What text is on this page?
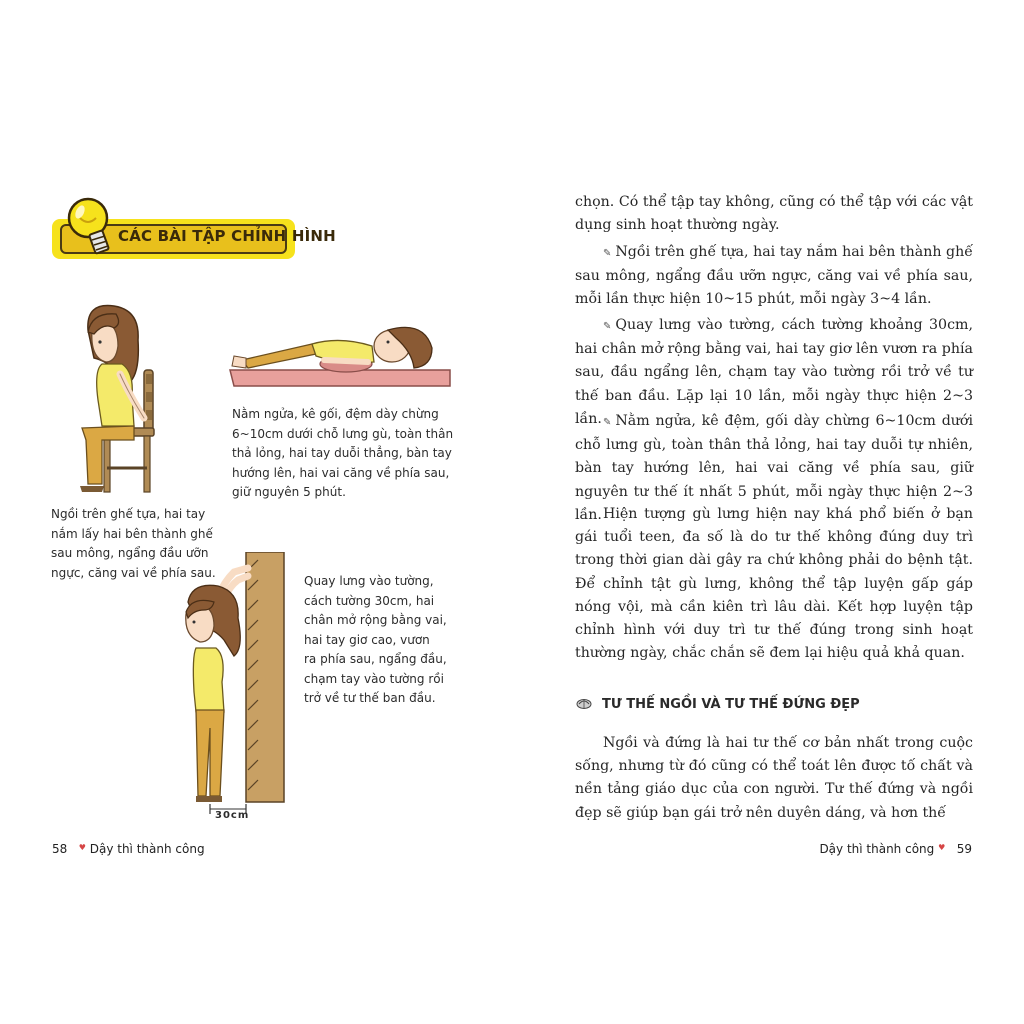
CÁC BÀI TẬP CHỈNH HÌNH
30cm
Ngồi trên ghế tựa, hai tay
nắm lấy hai bên thành ghế
sau mông, ngẩng đầu ưỡn
ngực, căng vai về phía sau.
Nằm ngửa, kê gối, đệm dày chừng
6~10cm dưới chỗ lưng gù, toàn thân
thả lỏng, hai tay duỗi thẳng, bàn tay
hướng lên, hai vai căng về phía sau,
giữ nguyên 5 phút.
Quay lưng vào tường,
cách tường 30cm, hai
chân mở rộng bằng vai,
hai tay giơ cao, vươn
ra phía sau, ngẩng đầu,
chạm tay vào tường rồi
trở về tư thế ban đầu.
58 ♥ Dậy thì thành công
chọn. Có thể tập tay không, cũng có thể tập với các vật dụng sinh hoạt thường ngày.
✎ Ngồi trên ghế tựa, hai tay nắm hai bên thành ghế sau mông, ngẩng đầu ưỡn ngực, căng vai về phía sau, mỗi lần thực hiện 10~15 phút, mỗi ngày 3~4 lần.
✎ Quay lưng vào tường, cách tường khoảng 30cm, hai chân mở rộng bằng vai, hai tay giơ lên vươn ra phía sau, đầu ngẩng lên, chạm tay vào tường rồi trở về tư thế ban đầu. Lặp lại 10 lần, mỗi ngày thực hiện 2~3 lần. ✎ Nằm ngửa, kê đệm, gối dày chừng 6~10cm dưới chỗ lưng gù, toàn thân thả lỏng, hai tay duỗi tự nhiên, bàn tay hướng lên, hai vai căng về phía sau, giữ nguyên tư thế ít nhất 5 phút, mỗi ngày thực hiện 2~3 lần. Hiện tượng gù lưng hiện nay khá phổ biến ở bạn gái tuổi teen, đa số là do tư thế không đúng duy trì trong thời gian dài gây ra chứ không phải do bệnh tật. Để chỉnh tật gù lưng, không thể tập luyện gấp gáp nóng vội, mà cần kiên trì lâu dài. Kết hợp luyện tập chỉnh hình với duy trì tư thế đúng trong sinh hoạt thường ngày, chắc chắn sẽ đem lại hiệu quả khả quan.
TƯ THẾ NGỒI VÀ TƯ THẾ ĐỨNG ĐẸP
Ngồi và đứng là hai tư thế cơ bản nhất trong cuộc sống, nhưng từ đó cũng có thể toát lên được tố chất và nền tảng giáo dục của con người. Tư thế đứng và ngồi đẹp sẽ giúp bạn gái trở nên duyên dáng, và hơn thế
Dậy thì thành công ♥ 59
